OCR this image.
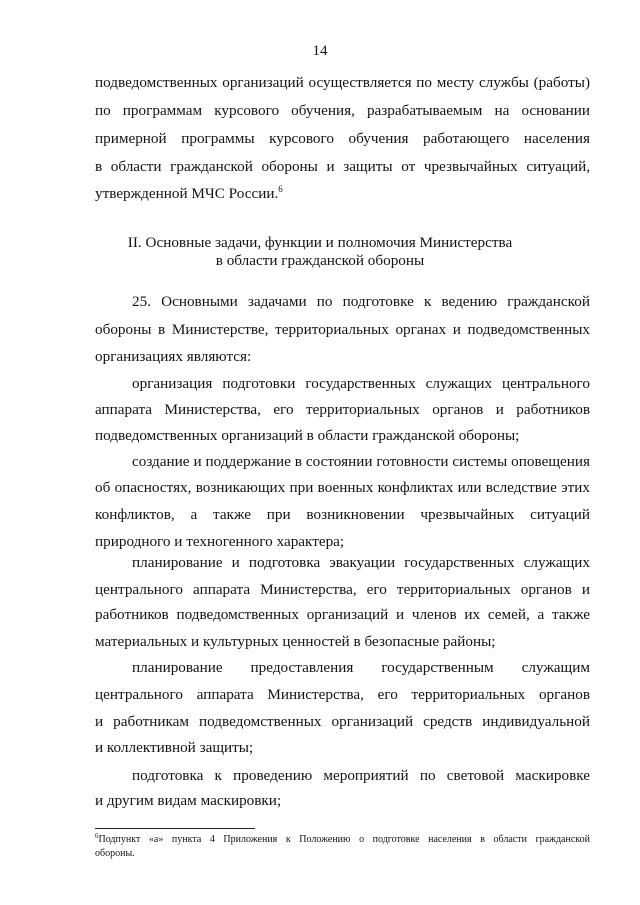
14
подведомственных организаций осуществляется по месту службы (работы)
по программам курсового обучения, разрабатываемым на основании
примерной программы курсового обучения работающего населения
в области гражданской обороны и защиты от чрезвычайных ситуаций,
утвержденной МЧС России.$^6$
II. Основные задачи, функции и полномочия Министерства
в области гражданской обороны
25. Основными задачами по подготовке к ведению гражданской
обороны в Министерстве, территориальных органах и подведомственных
организациях являются:
организация подготовки государственных служащих центрального
аппарата Министерства, его территориальных органов и работников
подведомственных организаций в области гражданской обороны;
создание и поддержание в состоянии готовности системы оповещения
об опасностях, возникающих при военных конфликтах или вследствие этих
конфликтов, а также при возникновении чрезвычайных ситуаций
природного и техногенного характера;
планирование и подготовка эвакуации государственных служащих
центрального аппарата Министерства, его территориальных органов и
работников подведомственных организаций и членов их семей, а также
материальных и культурных ценностей в безопасные районы;
планирование предоставления государственным служащим
центрального аппарата Министерства, его территориальных органов
и работникам подведомственных организаций средств индивидуальной
и коллективной защиты;
подготовка к проведению мероприятий по световой маскировке
и другим видам маскировки;
$^6$Подпункт «а» пункта 4 Приложения к Положению о подготовке населения в области гражданской
обороны.
